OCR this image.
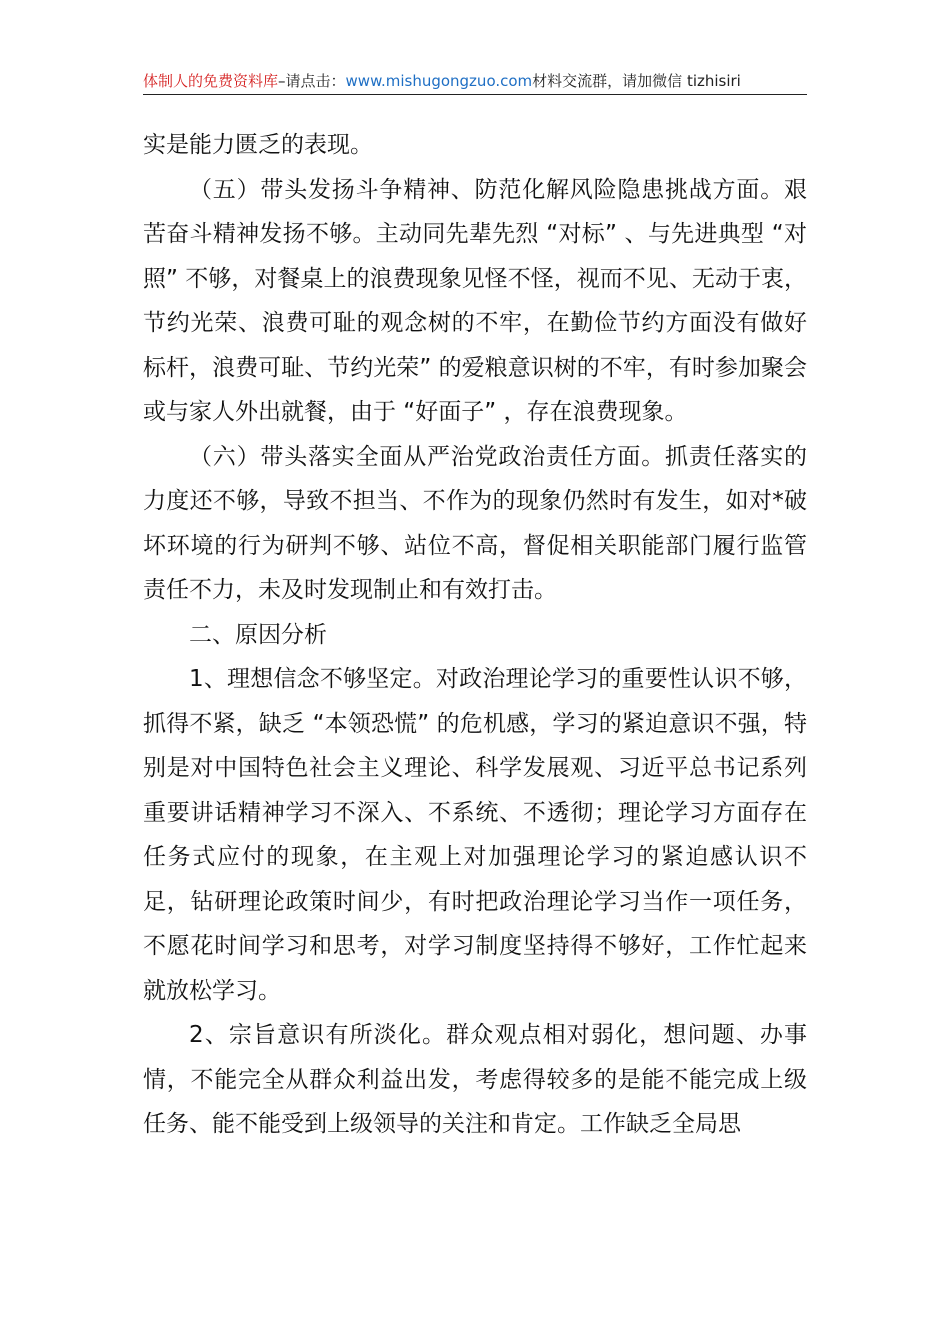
体制人的免费资料库–请点击：www.mishugongzuo.com材料交流群，请加微信 tizhisiri

实是能力匮乏的表现。

（五）带头发扬斗争精神、防范化解风险隐患挑战方面。艰苦奋斗精神发扬不够。主动同先辈先烈 “对标” 、与先进典型 “对照” 不够，对餐桌上的浪费现象见怪不怪，视而不见、无动于衷，节约光荣、浪费可耻的观念树的不牢，在勤俭节约方面没有做好标杆，浪费可耻、节约光荣” 的爱粮意识树的不牢，有时参加聚会或与家人外出就餐，由于 “好面子” ，存在浪费现象。

（六）带头落实全面从严治党政治责任方面。抓责任落实的力度还不够，导致不担当、不作为的现象仍然时有发生，如对*破坏环境的行为研判不够、站位不高，督促相关职能部门履行监管责任不力，未及时发现制止和有效打击。

二、原因分析

1、理想信念不够坚定。对政治理论学习的重要性认识不够，抓得不紧，缺乏 “本领恐慌” 的危机感，学习的紧迫意识不强，特别是对中国特色社会主义理论、科学发展观、习近平总书记系列重要讲话精神学习不深入、不系统、不透彻；理论学习方面存在任务式应付的现象，在主观上对加强理论学习的紧迫感认识不足，钻研理论政策时间少，有时把政治理论学习当作一项任务，不愿花时间学习和思考，对学习制度坚持得不够好，工作忙起来就放松学习。

2、宗旨意识有所淡化。群众观点相对弱化，想问题、办事情，不能完全从群众利益出发，考虑得较多的是能不能完成上级任务、能不能受到上级领导的关注和肯定。工作缺乏全局思
